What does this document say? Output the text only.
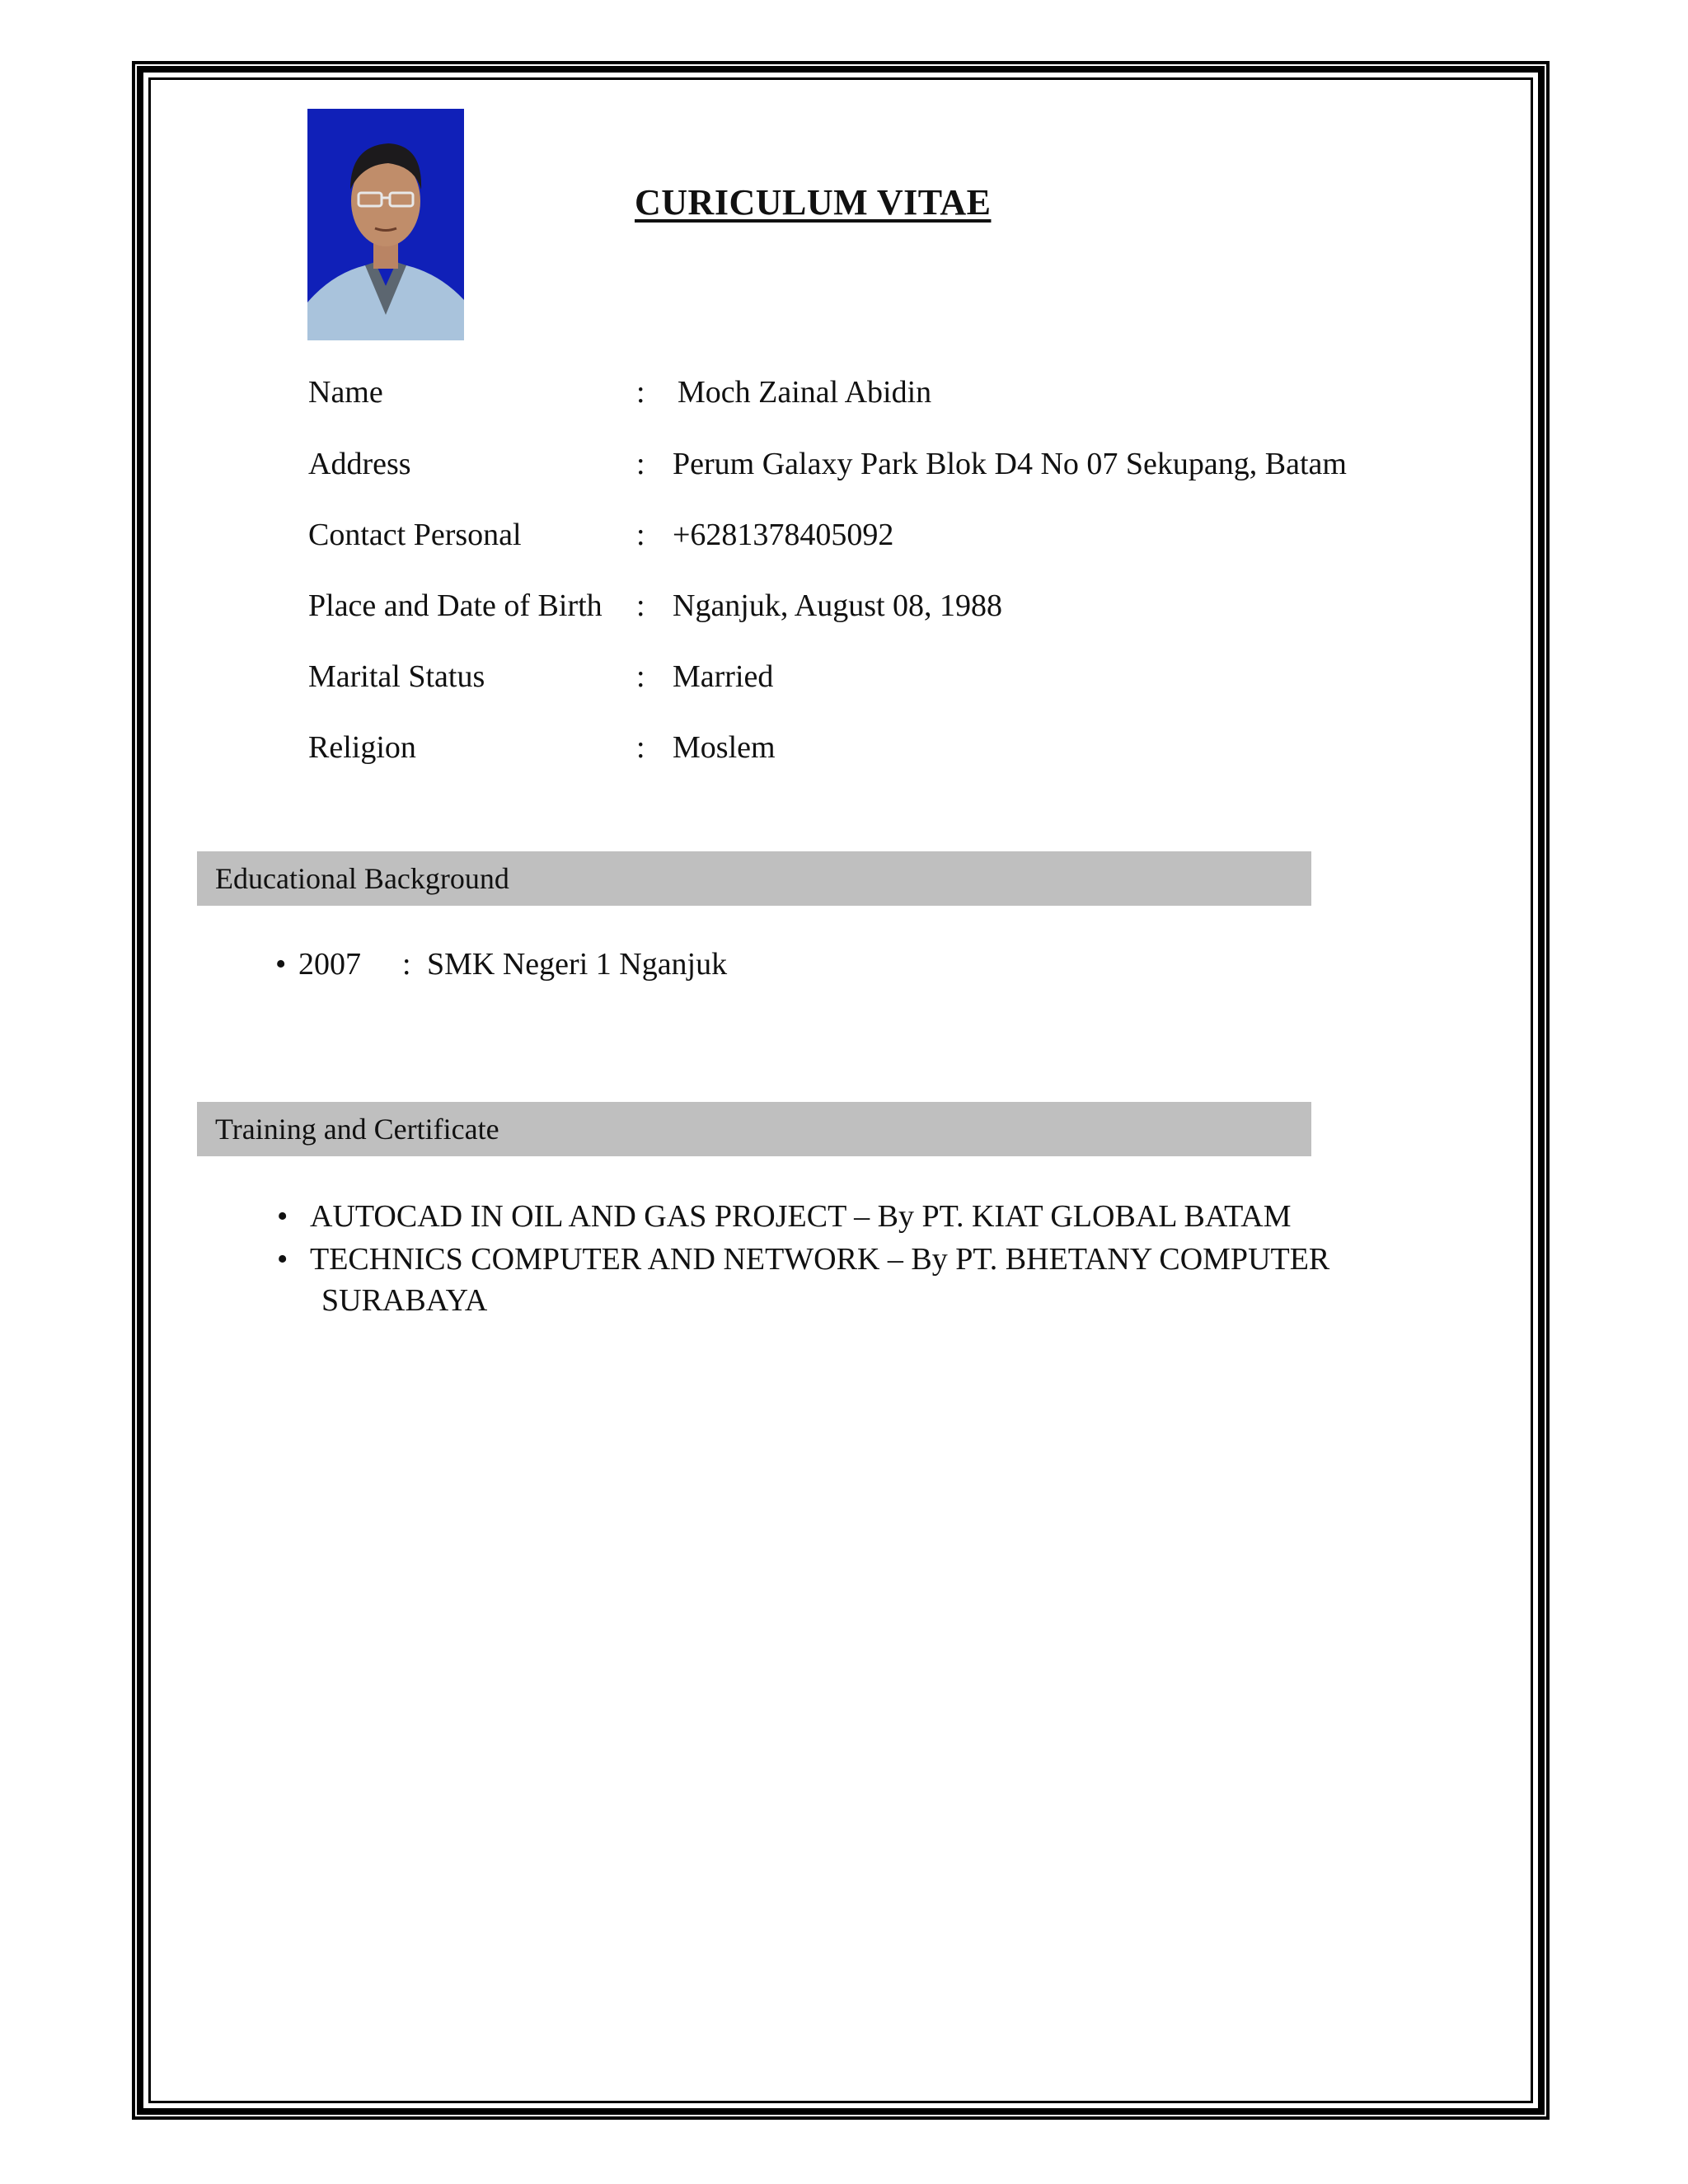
CURICULUM VITAE
Name	: Moch Zainal Abidin
Address	: Perum Galaxy Park Blok D4 No 07 Sekupang, Batam
Contact Personal	: +6281378405092
Place and Date of Birth : Nganjuk, August 08, 1988
Marital Status	: Married
Religion	: Moslem
Educational Background
• 2007 : SMK Negeri 1 Nganjuk
Training and Certificate
• AUTOCAD IN OIL AND GAS PROJECT – By PT. KIAT GLOBAL BATAM
• TECHNICS COMPUTER AND NETWORK – By PT. BHETANY COMPUTER
SURABAYA
